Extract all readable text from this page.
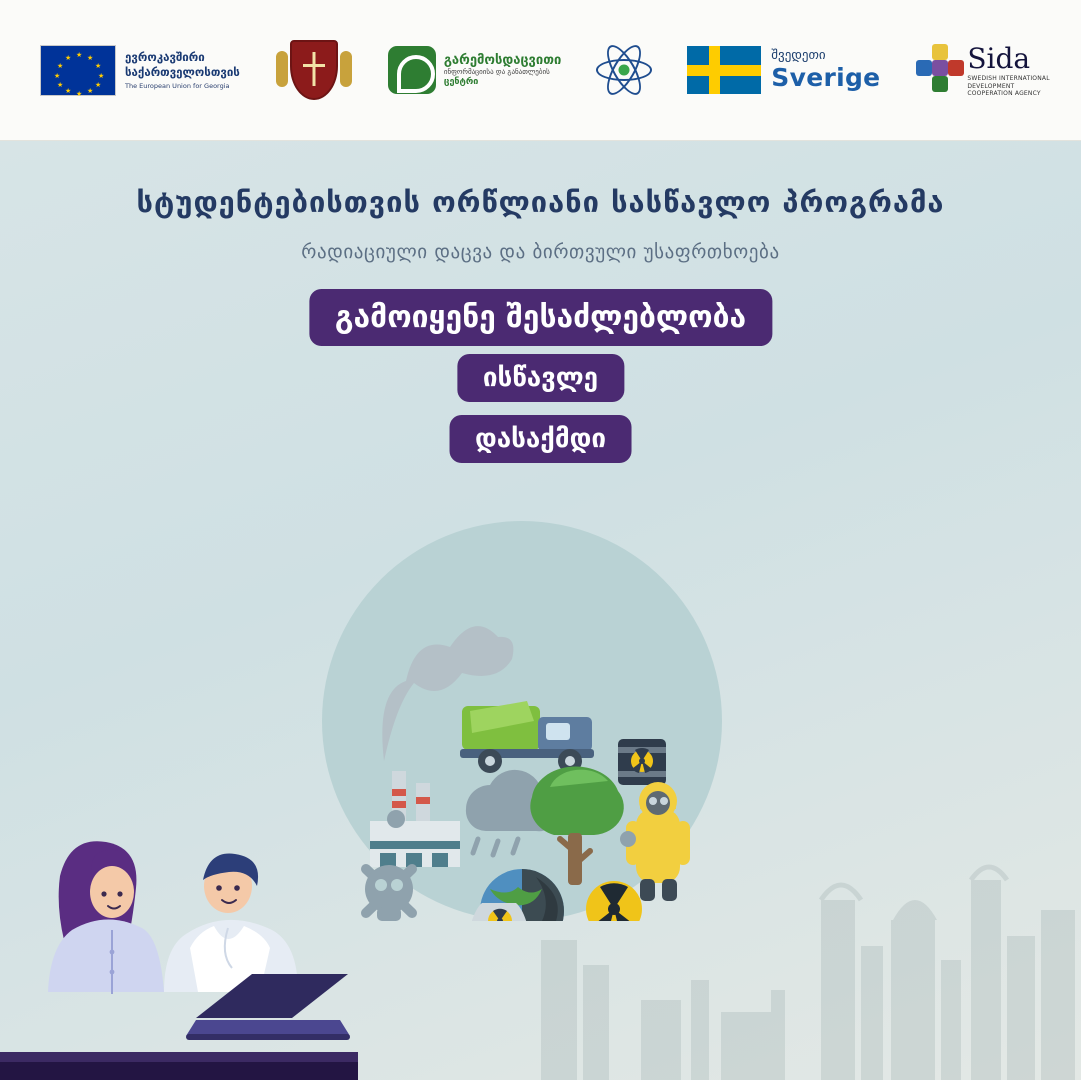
★ ★
★
★
★
★
★
★
★
★
★
★	ევროკავშირი
საქართველოსთვის
The European Union for Georgia
გარემოსდაცვითი
ინფორმაციისა და განათლების
ცენტრი
შვედეთი
Sverige
Sida
SWEDISH INTERNATIONAL DEVELOPMENT
COOPERATION AGENCY
სტუდენტებისთვის ორწლიანი სასწავლო პროგრამა
რადიაციული დაცვა და ბირთვული უსაფრთხოება
გამოიყენე შესაძლებლობა
ისწავლე
დასაქმდი
